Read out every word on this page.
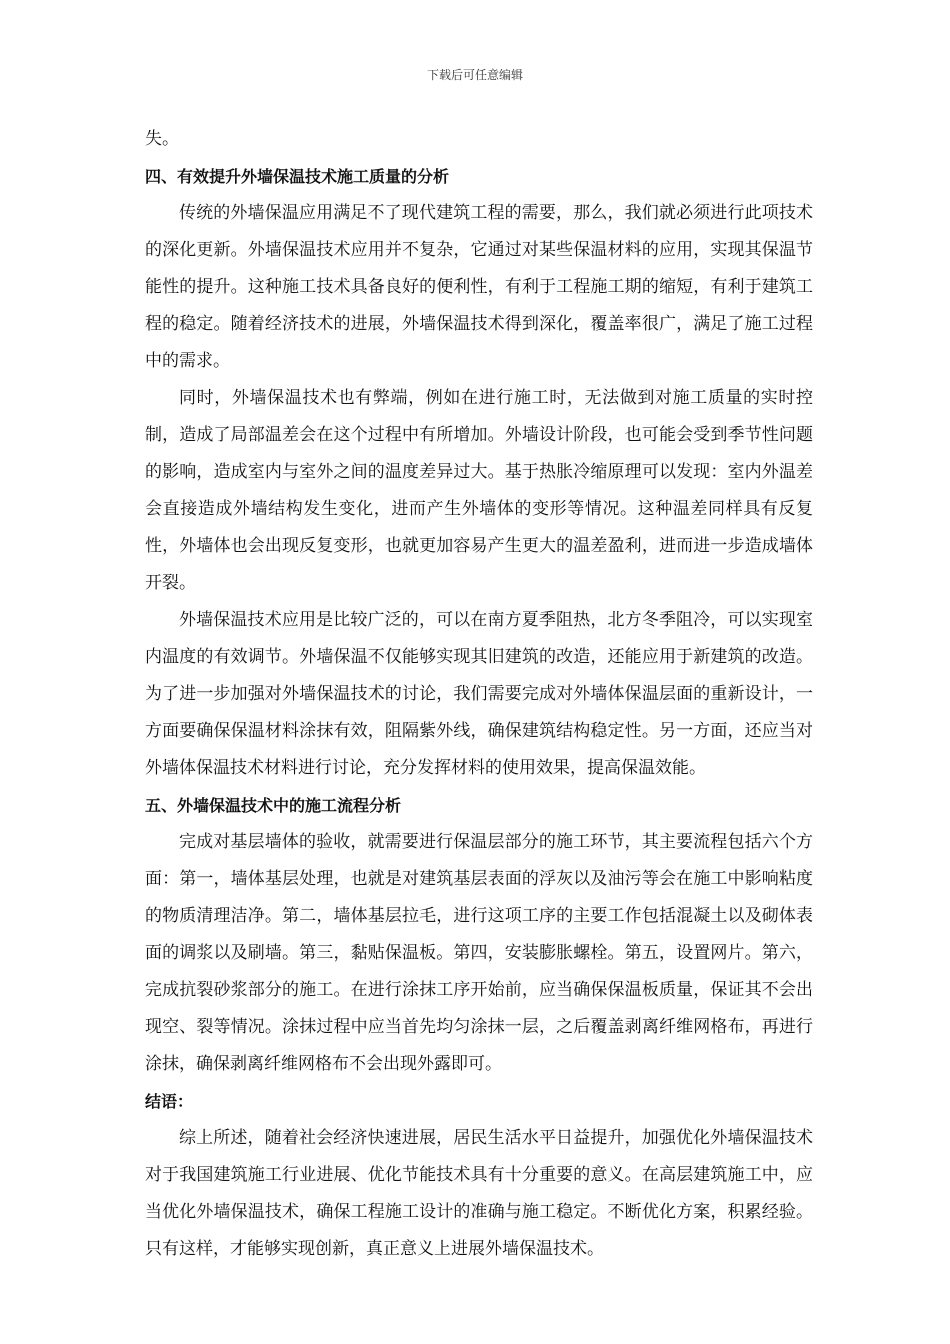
下载后可任意编辑

失。

四、有效提升外墙保温技术施工质量的分析

传统的外墙保温应用满足不了现代建筑工程的需要，那么，我们就必须进行此项技术的深化更新。外墙保温技术应用并不复杂，它通过对某些保温材料的应用，实现其保温节能性的提升。这种施工技术具备良好的便利性，有利于工程施工期的缩短，有利于建筑工程的稳定。随着经济技术的进展，外墙保温技术得到深化，覆盖率很广，满足了施工过程中的需求。

同时，外墙保温技术也有弊端，例如在进行施工时，无法做到对施工质量的实时控制，造成了局部温差会在这个过程中有所增加。外墙设计阶段，也可能会受到季节性问题的影响，造成室内与室外之间的温度差异过大。基于热胀冷缩原理可以发现：室内外温差会直接造成外墙结构发生变化，进而产生外墙体的变形等情况。这种温差同样具有反复性，外墙体也会出现反复变形，也就更加容易产生更大的温差盈利，进而进一步造成墙体开裂。

外墙保温技术应用是比较广泛的，可以在南方夏季阻热，北方冬季阻冷，可以实现室内温度的有效调节。外墙保温不仅能够实现其旧建筑的改造，还能应用于新建筑的改造。为了进一步加强对外墙保温技术的讨论，我们需要完成对外墙体保温层面的重新设计，一方面要确保保温材料涂抹有效，阻隔紫外线，确保建筑结构稳定性。另一方面，还应当对外墙体保温技术材料进行讨论，充分发挥材料的使用效果，提高保温效能。

五、外墙保温技术中的施工流程分析

完成对基层墙体的验收，就需要进行保温层部分的施工环节，其主要流程包括六个方面：第一，墙体基层处理，也就是对建筑基层表面的浮灰以及油污等会在施工中影响粘度的物质清理洁净。第二，墙体基层拉毛，进行这项工序的主要工作包括混凝土以及砌体表面的调浆以及刷墙。第三，黏贴保温板。第四，安装膨胀螺栓。第五，设置网片。第六，完成抗裂砂浆部分的施工。在进行涂抹工序开始前，应当确保保温板质量，保证其不会出现空、裂等情况。涂抹过程中应当首先均匀涂抹一层，之后覆盖剥离纤维网格布，再进行涂抹，确保剥离纤维网格布不会出现外露即可。

结语：

综上所述，随着社会经济快速进展，居民生活水平日益提升，加强优化外墙保温技术对于我国建筑施工行业进展、优化节能技术具有十分重要的意义。在高层建筑施工中，应当优化外墙保温技术，确保工程施工设计的准确与施工稳定。不断优化方案，积累经验。只有这样，才能够实现创新，真正意义上进展外墙保温技术。
